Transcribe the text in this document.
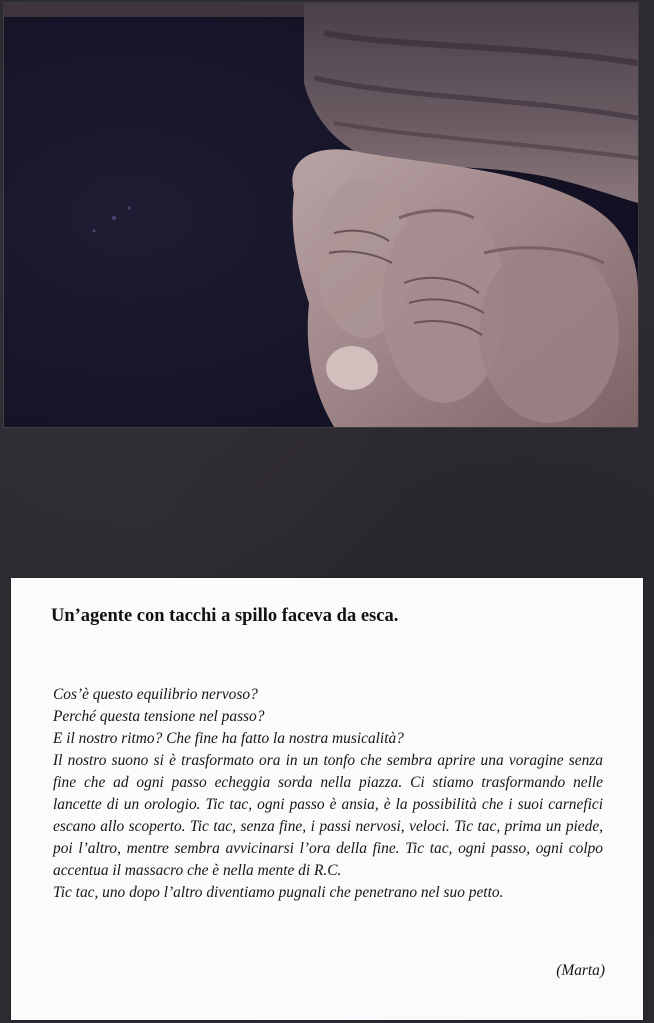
Un’agente con tacchi a spillo faceva da esca.
Cos’è questo equilibrio nervoso?
Perché questa tensione nel passo?
E il nostro ritmo? Che fine ha fatto la nostra musicalità?
Il nostro suono si è trasformato ora in un tonfo che sembra aprire una voragine senza fine che ad ogni passo echeggia sorda nella piazza. Ci stiamo trasformando nelle lancette di un orologio. Tic tac, ogni passo è ansia, è la possibilità che i suoi carnefici escano allo scoperto. Tic tac, senza fine, i passi nervosi, veloci. Tic tac, prima un piede, poi l’altro, mentre sembra avvicinarsi l’ora della fine. Tic tac, ogni passo, ogni colpo accentua il massacro che è nella mente di R.C.
Tic tac, uno dopo l’altro diventiamo pugnali che penetrano nel suo petto.
(Marta)
